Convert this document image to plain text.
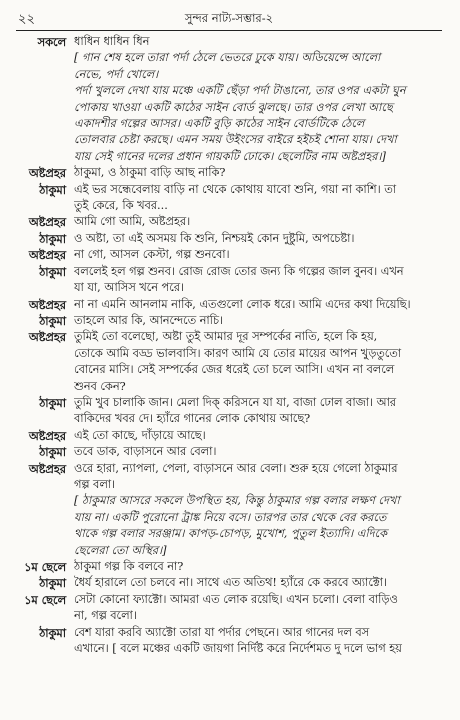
২২	সুন্দর নাট্য-সম্ভার-২
সকলে ধাধিন ধাধিন ধিন
[ গান শেষ হলে তারা পর্দা ঠেলে ভেতরে ঢুকে যায়। অডিয়েন্সে আলো
নেভে, পর্দা খোলে।
পর্দা খুললে দেখা যায় মঞ্চে একটি ছেঁড়া পর্দা টাঙানো, তার ওপর একটা ঘুন
পোকায় খাওয়া একটি কাঠের সাইন বোর্ড ঝুলছে। তার ওপর লেখা আছে
একাদশীর গল্পের আসর। একটি বুড়ি কাঠের সাইন বোর্ডটিকে ঠেলে
তোলবার চেষ্টা করছে। এমন সময় উইংসের বাইরে হইচই শোনা যায়। দেখা
যায় সেই গানের দলের প্রধান গায়কটি ঢোকে। ছেলেটির নাম অষ্টপ্রহর।]
অষ্টপ্রহর ঠাকুমা, ও ঠাকুমা বাড়ি আছ নাকি?
ঠাকুমা এই ভর সন্ধেবেলায় বাড়ি না থেকে কোথায় যাবো শুনি, গয়া না কাশি। তা
তুই কেরে, কি খবর...
অষ্টপ্রহর আমি গো আমি, অষ্টপ্রহর।
ঠাকুমা ও অষ্টা, তা এই অসময় কি শুনি, নিশ্চয়ই কোন দুষ্টুমি, অপচেষ্টা।
অষ্টপ্রহর না গো, আসল কেস্টা, গল্প শুনবো।
ঠাকুমা বললেই হল গল্প শুনব। রোজ রোজ তোর জন্য কি গল্পের জাল বুনব। এখন
যা যা, আসিস খনে পরে।
অষ্টপ্রহর না না এমনি আনলাম নাকি, এতগুলো লোক ধরে। আমি এদের কথা দিয়েছি।
ঠাকুমা তাহলে আর কি, আনন্দেতে নাচি।
অষ্টপ্রহর তুমিই তো বলেছো, অষ্টা তুই আমার দূর সম্পর্কের নাতি, হলে কি হয়,
তোকে আমি বড্ড ভালবাসি। কারণ আমি যে তোর মায়ের আপন খুড়তুতো
বোনের মাসি। সেই সম্পর্কের জের ধরেই তো চলে আসি। এখন না বললে
শুনব কেন?
ঠাকুমা তুমি খুব চালাকি জান। মেলা দিক্ করিসনে যা যা, বাজা ঢোল বাজা। আর
বাকিদের খবর দে। হ্যাঁরে গানের লোক কোথায় আছে?
অষ্টপ্রহর এই তো কাছে, দাঁড়ায়ে আছে।
ঠাকুমা তবে ডাক, বাড়াসনে আর বেলা।
অষ্টপ্রহর ওরে হারা, ন্যাপলা, পেলা, বাড়াসনে আর বেলা। শুরু হয়ে গেলো ঠাকুমার
গল্প বলা।
[ ঠাকুমার আসরে সকলে উপস্থিত হয়, কিন্তু ঠাকুমার গল্প বলার লক্ষণ দেখা
যায় না। একটি পুরোনো ট্রাঙ্ক নিয়ে বসে। তারপর তার থেকে বের করতে
থাকে গল্প বলার সরঞ্জাম। কাপড়-চোপড়, মুখোশ, পুতুল ইত্যাদি। এদিকে
ছেলেরা তো অস্থির।]
১ম ছেলে ঠাকুমা গল্প কি বলবে না?
ঠাকুমা ধৈর্য হারালে তো চলবে না। সাথে এত অতিথ! হ্যাঁরে কে করবে অ্যাক্টো।
১ম ছেলে সেটা কোনো ফ্যাক্টো। আমরা এত লোক রয়েছি। এখন চলো। বেলা বাড়িও
না, গল্প বলো।
ঠাকুমা বেশ যারা করবি অ্যাক্টো তারা যা পর্দার পেছনে। আর গানের দল বস
এখানে। [ বলে মঞ্চের একটি জায়গা নির্দিষ্ট করে নির্দেশমত দু দলে ভাগ হয়
